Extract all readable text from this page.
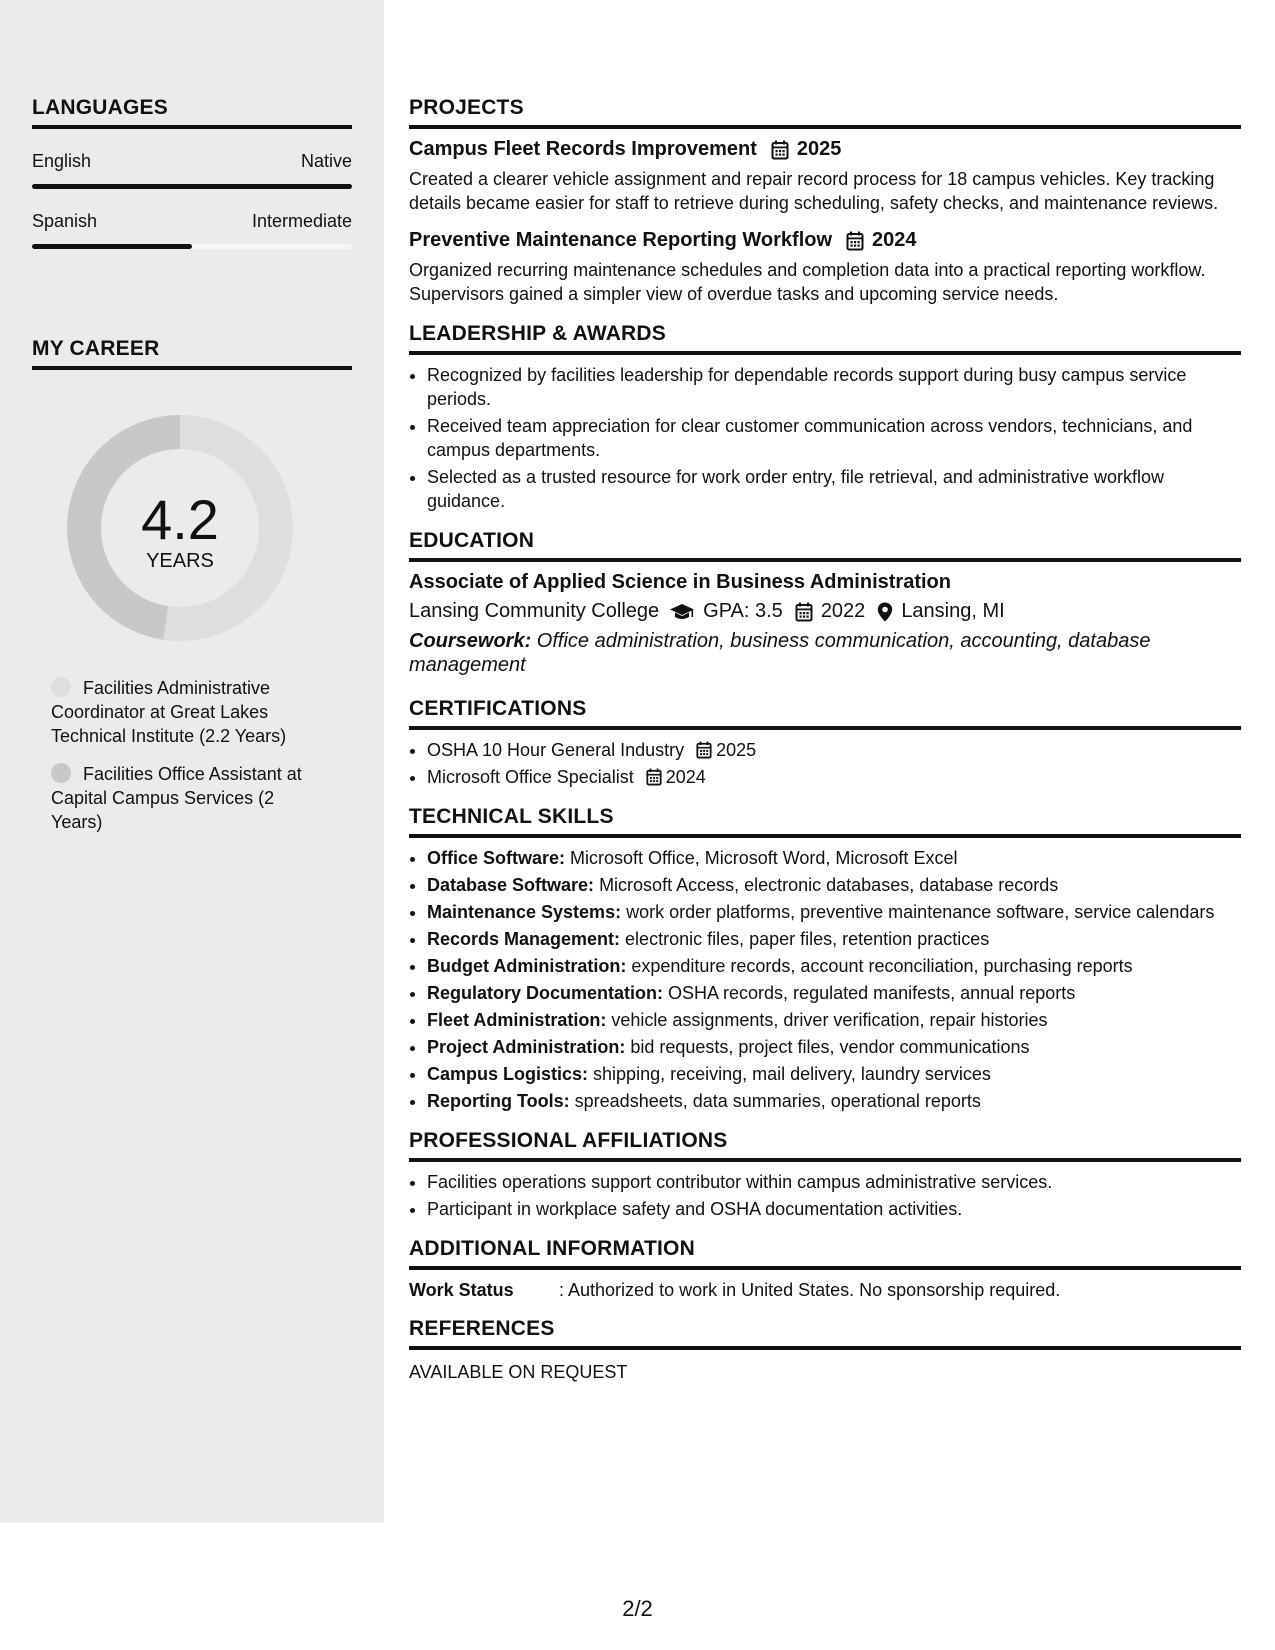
LANGUAGES
English	Native
Spanish	Intermediate
MY CAREER
4.2
YEARS
Facilities Administrative Coordinator at Great Lakes Technical Institute (2.2 Years)
Facilities Office Assistant at Capital Campus Services (2 Years)
PROJECTS
Campus Fleet Records Improvement 2025
Created a clearer vehicle assignment and repair record process for 18 campus vehicles. Key tracking details became easier for staff to retrieve during scheduling, safety checks, and maintenance reviews.
Preventive Maintenance Reporting Workflow 2024
Organized recurring maintenance schedules and completion data into a practical reporting workflow. Supervisors gained a simpler view of overdue tasks and upcoming service needs.
LEADERSHIP & AWARDS
• Recognized by facilities leadership for dependable records support during busy campus service periods.
• Received team appreciation for clear customer communication across vendors, technicians, and campus departments.
• Selected as a trusted resource for work order entry, file retrieval, and administrative workflow guidance.
EDUCATION
Associate of Applied Science in Business Administration
Lansing Community College GPA: 3.5 2022 Lansing, MI
Coursework: Office administration, business communication, accounting, database management
CERTIFICATIONS
• OSHA 10 Hour General Industry 2025
• Microsoft Office Specialist 2024
TECHNICAL SKILLS
• Office Software: Microsoft Office, Microsoft Word, Microsoft Excel
• Database Software: Microsoft Access, electronic databases, database records
• Maintenance Systems: work order platforms, preventive maintenance software, service calendars
• Records Management: electronic files, paper files, retention practices
• Budget Administration: expenditure records, account reconciliation, purchasing reports
• Regulatory Documentation: OSHA records, regulated manifests, annual reports
• Fleet Administration: vehicle assignments, driver verification, repair histories
• Project Administration: bid requests, project files, vendor communications
• Campus Logistics: shipping, receiving, mail delivery, laundry services
• Reporting Tools: spreadsheets, data summaries, operational reports
PROFESSIONAL AFFILIATIONS
• Facilities operations support contributor within campus administrative services.
• Participant in workplace safety and OSHA documentation activities.
ADDITIONAL INFORMATION
Work Status	: Authorized to work in United States. No sponsorship required.
REFERENCES
AVAILABLE ON REQUEST
2/2
